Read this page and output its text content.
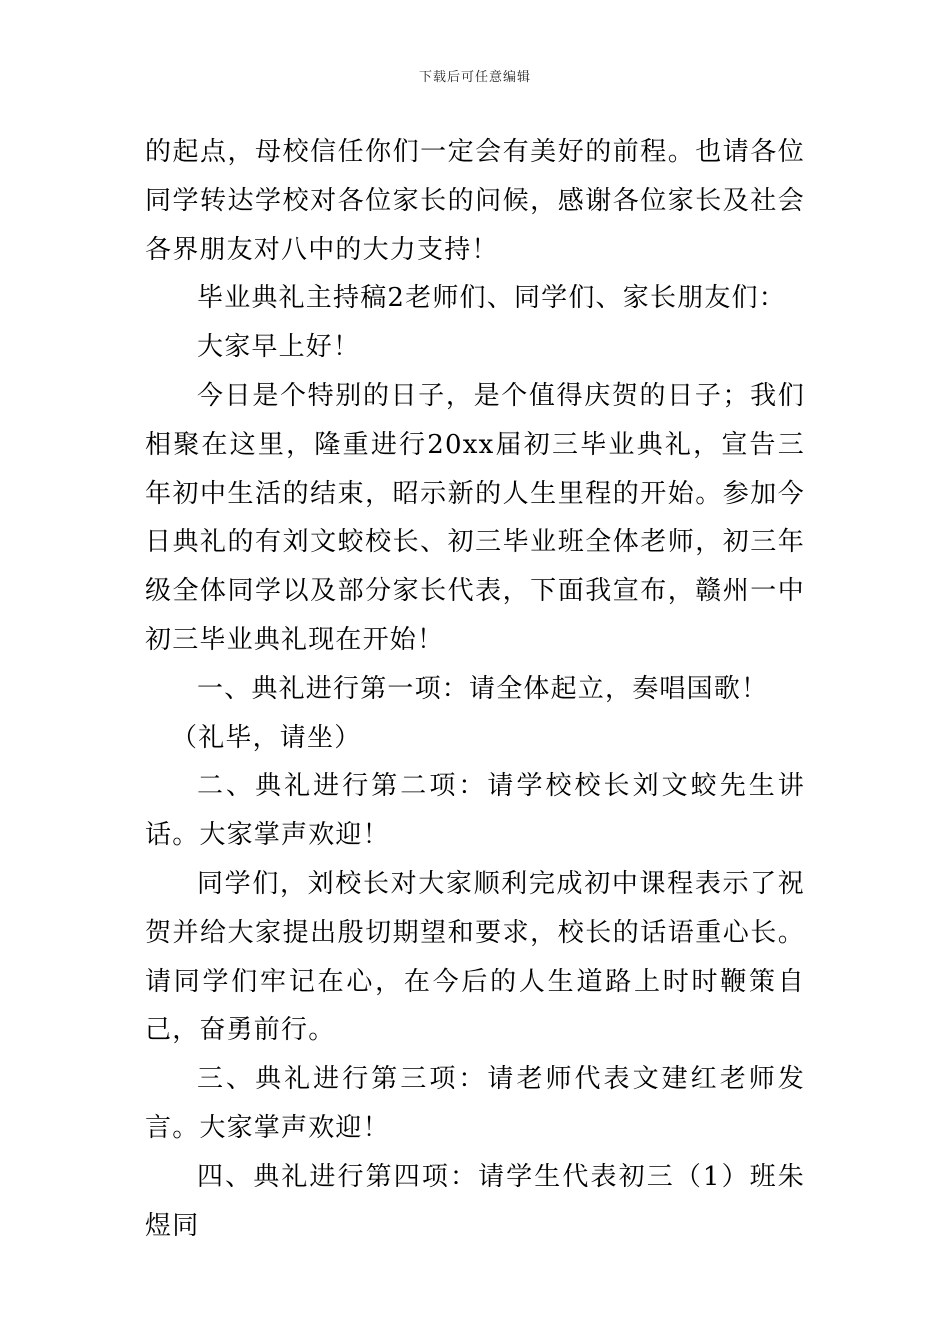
下载后可任意编辑

的起点，母校信任你们一定会有美好的前程。也请各位同学转达学校对各位家长的问候，感谢各位家长及社会各界朋友对八中的大力支持！

毕业典礼主持稿2老师们、同学们、家长朋友们：

大家早上好！

今日是个特别的日子，是个值得庆贺的日子；我们相聚在这里，隆重进行20xx届初三毕业典礼，宣告三年初中生活的结束，昭示新的人生里程的开始。参加今日典礼的有刘文蛟校长、初三毕业班全体老师，初三年级全体同学以及部分家长代表，下面我宣布，赣州一中初三毕业典礼现在开始！

一、典礼进行第一项：请全体起立，奏唱国歌！

（礼毕，请坐）

二、典礼进行第二项：请学校校长刘文蛟先生讲话。大家掌声欢迎！

同学们，刘校长对大家顺利完成初中课程表示了祝贺并给大家提出殷切期望和要求，校长的话语重心长。请同学们牢记在心，在今后的人生道路上时时鞭策自己，奋勇前行。

三、典礼进行第三项：请老师代表文建红老师发言。大家掌声欢迎！

四、典礼进行第四项：请学生代表初三（1）班朱煜同
